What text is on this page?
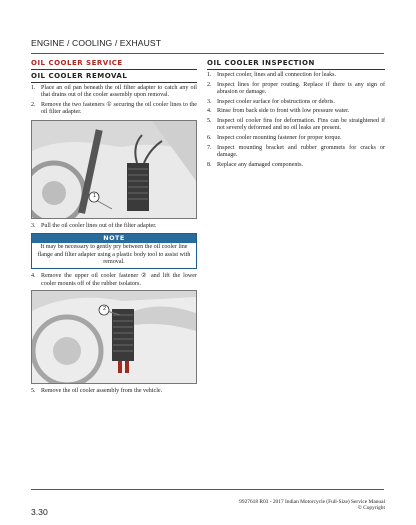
ENGINE / COOLING / EXHAUST
OIL COOLER SERVICE
OIL COOLER REMOVAL
1. Place an oil pan beneath the oil filter adapter to catch any oil that drains out of the cooler assembly upon removal.
2. Remove the two fasteners ① securing the oil cooler lines to the oil filter adapter.
1
3. Pull the oil cooler lines out of the filter adapter.
NOTE
It may be necessary to gently pry between the oil cooler line flange and filter adapter using a plastic body tool to assist with removal.
4. Remove the upper oil cooler fastener ② and lift the lower cooler mounts off of the rubber isolators.
2
5. Remove the oil cooler assembly from the vehicle.
OIL COOLER INSPECTION
1. Inspect cooler, lines and all connection for leaks.
2. Inspect lines for proper routing. Replace if there is any sign of abrasion or damage.
3. Inspect cooler surface for obstructions or debris.
4. Rinse from back side to front with low pressure water.
5. Inspect oil cooler fins for deformation. Fins can be straightened if not severely deformed and no oil leaks are present.
6. Inspect cooler mounting fastener for proper torque.
7. Inspect mounting bracket and rubber grommets for cracks or damage.
8. Replace any damaged components.
3.30
9927618 R03 - 2017 Indian Motorcycle (Full-Size) Service Manual
© Copyright
